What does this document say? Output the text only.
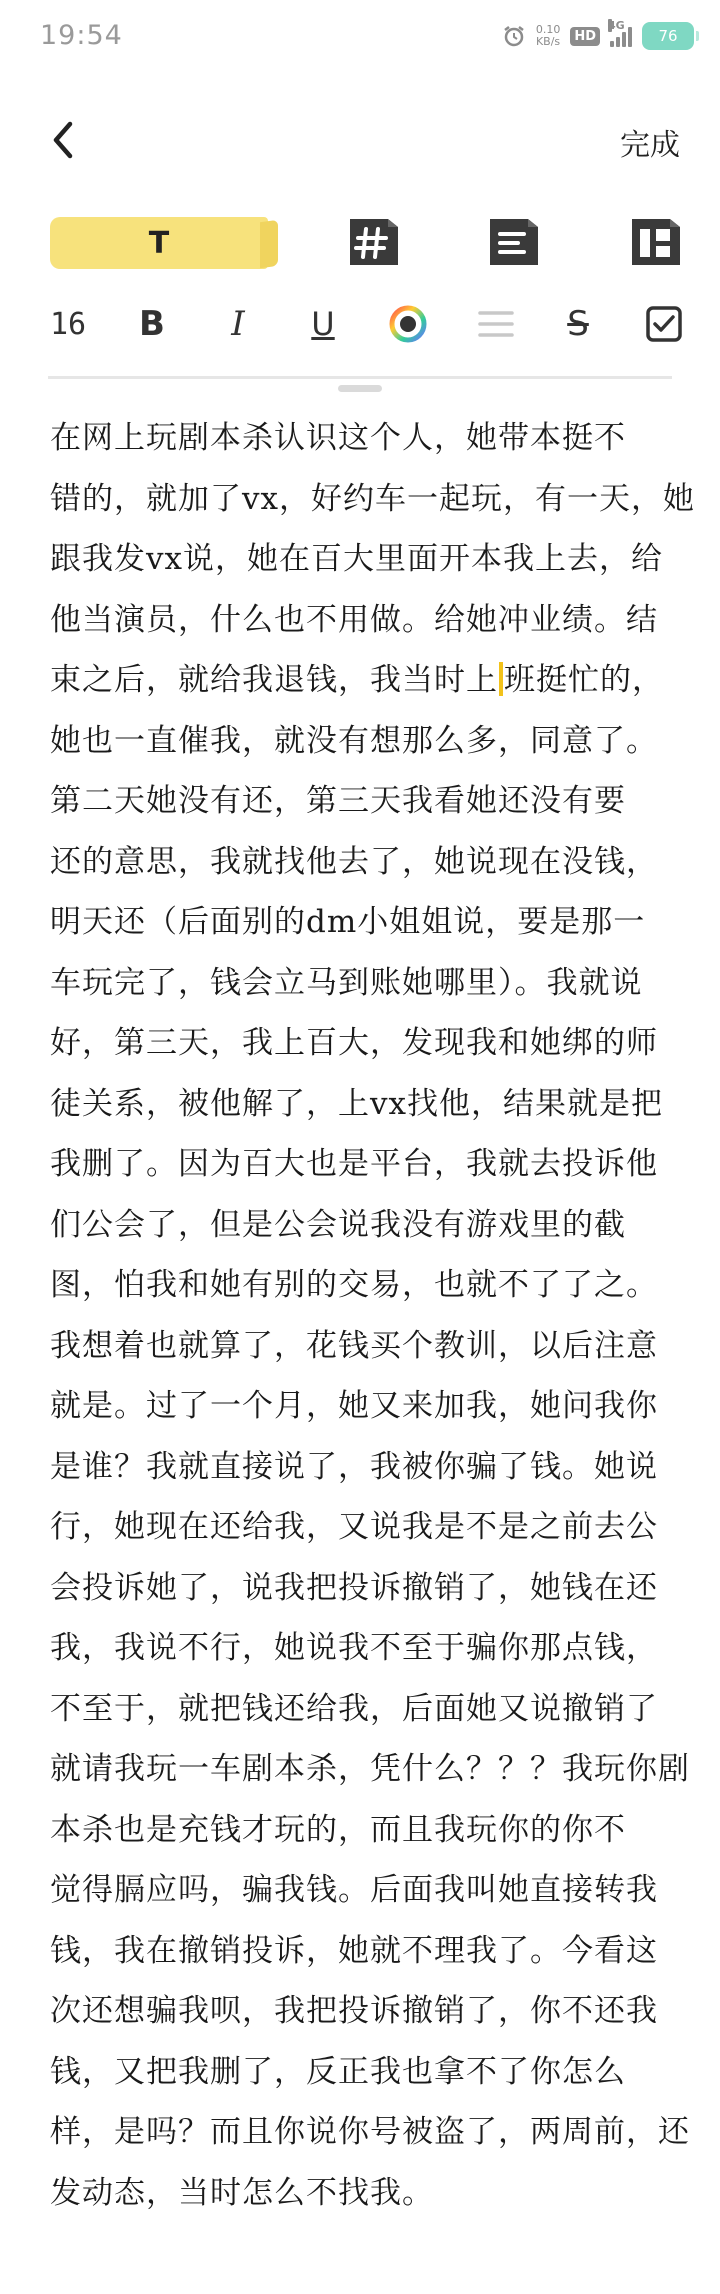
19:54	0.10
KB/s	HD
4G
76
完成
T
16 B	I	U	S

在网上玩剧本杀认识这个人，她带本挺不

错的，就加了vx，好约车一起玩，有一天，她

跟我发vx说，她在百大里面开本我上去，给

他当演员，什么也不用做。给她冲业绩。结

束之后，就给我退钱，我当时上 班挺忙的，

她也一直催我，就没有想那么多，同意了。

第二天她没有还，第三天我看她还没有要

还的意思，我就找他去了，她说现在没钱，

明天还（后面别的dm小姐姐说，要是那一

车玩完了，钱会立马到账她哪里）。我就说

好，第三天，我上百大，发现我和她绑的师

徒关系，被他解了，上vx找他，结果就是把

我删了。因为百大也是平台，我就去投诉他

们公会了，但是公会说我没有游戏里的截

图，怕我和她有别的交易，也就不了了之。

我想着也就算了，花钱买个教训，以后注意

就是。过了一个月，她又来加我，她问我你

是谁？我就直接说了，我被你骗了钱。她说

行，她现在还给我，又说我是不是之前去公

会投诉她了，说我把投诉撤销了，她钱在还

我，我说不行，她说我不至于骗你那点钱，

不至于，就把钱还给我，后面她又说撤销了

就请我玩一车剧本杀，凭什么？？？我玩你剧

本杀也是充钱才玩的，而且我玩你的你不

觉得膈应吗，骗我钱。后面我叫她直接转我

钱，我在撤销投诉，她就不理我了。今看这

次还想骗我呗，我把投诉撤销了，你不还我

钱，又把我删了，反正我也拿不了你怎么

样，是吗？而且你说你号被盗了，两周前，还

发动态，当时怎么不找我。
